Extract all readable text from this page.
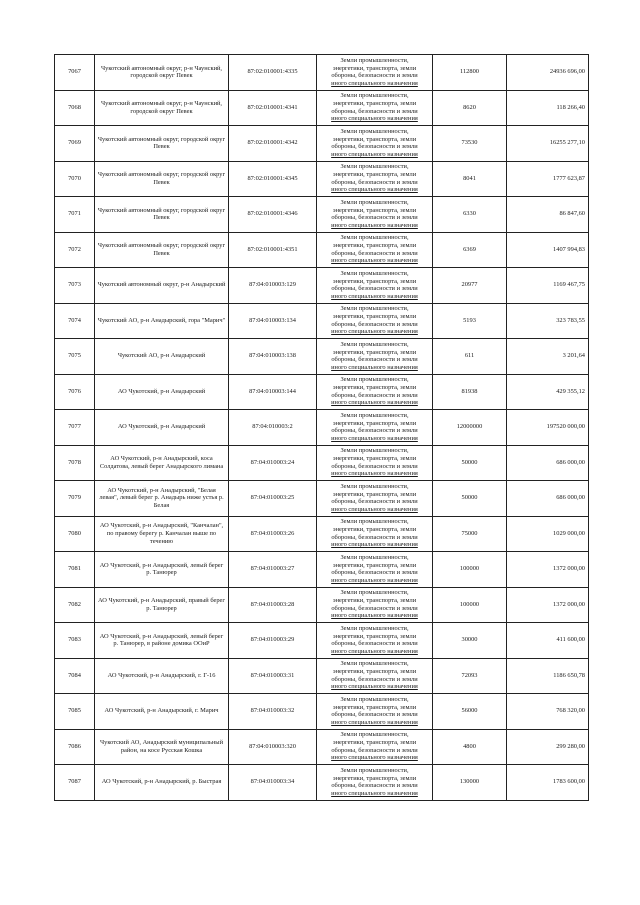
7067	Чукотский автономный округ, р-н Чаунский, городской округ Певек	87:02:010001:4335	Земли промышленности,
энергетики, транспорта, земли
обороны, безопасности и земли
иного специального назначения	112800	24936 696,00
7068	Чукотский автономный округ, р-н Чаунский, городской округ Певек	87:02:010001:4341	Земли промышленности,
энергетики, транспорта, земли
обороны, безопасности и земли
иного специального назначения	8620	118 266,40
7069	Чукотский автономный округ, городской округ Певек	87:02:010001:4342	Земли промышленности,
энергетики, транспорта, земли
обороны, безопасности и земли
иного специального назначения	73530	16255 277,10
7070	Чукотский автономный округ, городской округ Певек	87:02:010001:4345	Земли промышленности,
энергетики, транспорта, земли
обороны, безопасности и земли
иного специального назначения	8041	1777 623,87
7071	Чукотский автономный округ, городской округ Певек	87:02:010001:4346	Земли промышленности,
энергетики, транспорта, земли
обороны, безопасности и земли
иного специального назначения	6330	86 847,60
7072	Чукотский автономный округ, городской округ Певек	87:02:010001:4351	Земли промышленности,
энергетики, транспорта, земли
обороны, безопасности и земли
иного специального назначения	6369	1407 994,83
7073	Чукотский автономный округ, р-н Анадырский	87:04:010003:129	Земли промышленности,
энергетики, транспорта, земли
обороны, безопасности и земли
иного специального назначения	20977	1169 467,75
7074	Чукотский АО, р-н Анадырский, гора "Марич"	87:04:010003:134	Земли промышленности,
энергетики, транспорта, земли
обороны, безопасности и земли
иного специального назначения	5193	323 783,55
7075	Чукотский АО, р-н Анадырский	87:04:010003:138	Земли промышленности,
энергетики, транспорта, земли
обороны, безопасности и земли
иного специального назначения	611	3 201,64
7076	АО Чукотский, р-н Анадырский	87:04:010003:144	Земли промышленности,
энергетики, транспорта, земли
обороны, безопасности и земли
иного специального назначения	81938	429 355,12
7077	АО Чукотский, р-н Анадырский	87:04:010003:2	Земли промышленности,
энергетики, транспорта, земли
обороны, безопасности и земли
иного специального назначения	12000000	197520 000,00
7078	АО Чукотский, р-н Анадырский, коса Солдатова, левый берег Анадырского лимана	87:04:010003:24	Земли промышленности,
энергетики, транспорта, земли
обороны, безопасности и земли
иного специального назначения	50000	686 000,00
7079	АО Чукотский, р-н Анадырский, "Белая левая", левый берег р. Анадырь ниже устья р. Белая	87:04:010003:25	Земли промышленности,
энергетики, транспорта, земли
обороны, безопасности и земли
иного специального назначения	50000	686 000,00
7080	АО Чукотский, р-н Анадырский, "Канчалан", по правому берегу р. Канчалан выше по течению	87:04:010003:26	Земли промышленности,
энергетики, транспорта, земли
обороны, безопасности и земли
иного специального назначения	75000	1029 000,00
7081	АО Чукотский, р-н Анадырский, левый берег р. Танюрер	87:04:010003:27	Земли промышленности,
энергетики, транспорта, земли
обороны, безопасности и земли
иного специального назначения	100000	1372 000,00
7082	АО Чукотский, р-н Анадырский, правый берег р. Танюрер	87:04:010003:28	Земли промышленности,
энергетики, транспорта, земли
обороны, безопасности и земли
иного специального назначения	100000	1372 000,00
7083	АО Чукотский, р-н Анадырский, левый берег р. Танюрер, в районе домика ООиР	87:04:010003:29	Земли промышленности,
энергетики, транспорта, земли
обороны, безопасности и земли
иного специального назначения	30000	411 600,00
7084	АО Чукотский, р-н Анадырский, г. Г-16	87:04:010003:31	Земли промышленности,
энергетики, транспорта, земли
обороны, безопасности и земли
иного специального назначения	72093	1186 650,78
7085	АО Чукотский, р-н Анадырский, г. Марич	87:04:010003:32	Земли промышленности,
энергетики, транспорта, земли
обороны, безопасности и земли
иного специального назначения	56000	768 320,00
7086	Чукотский АО, Анадырский муниципальный район, на косе Русская Кошка	87:04:010003:320	Земли промышленности,
энергетики, транспорта, земли
обороны, безопасности и земли
иного специального назначения	4800	299 280,00
7087	АО Чукотский, р-н Анадырский, р. Быстрая	87:04:010003:34	Земли промышленности,
энергетики, транспорта, земли
обороны, безопасности и земли
иного специального назначения	130000	1783 600,00
